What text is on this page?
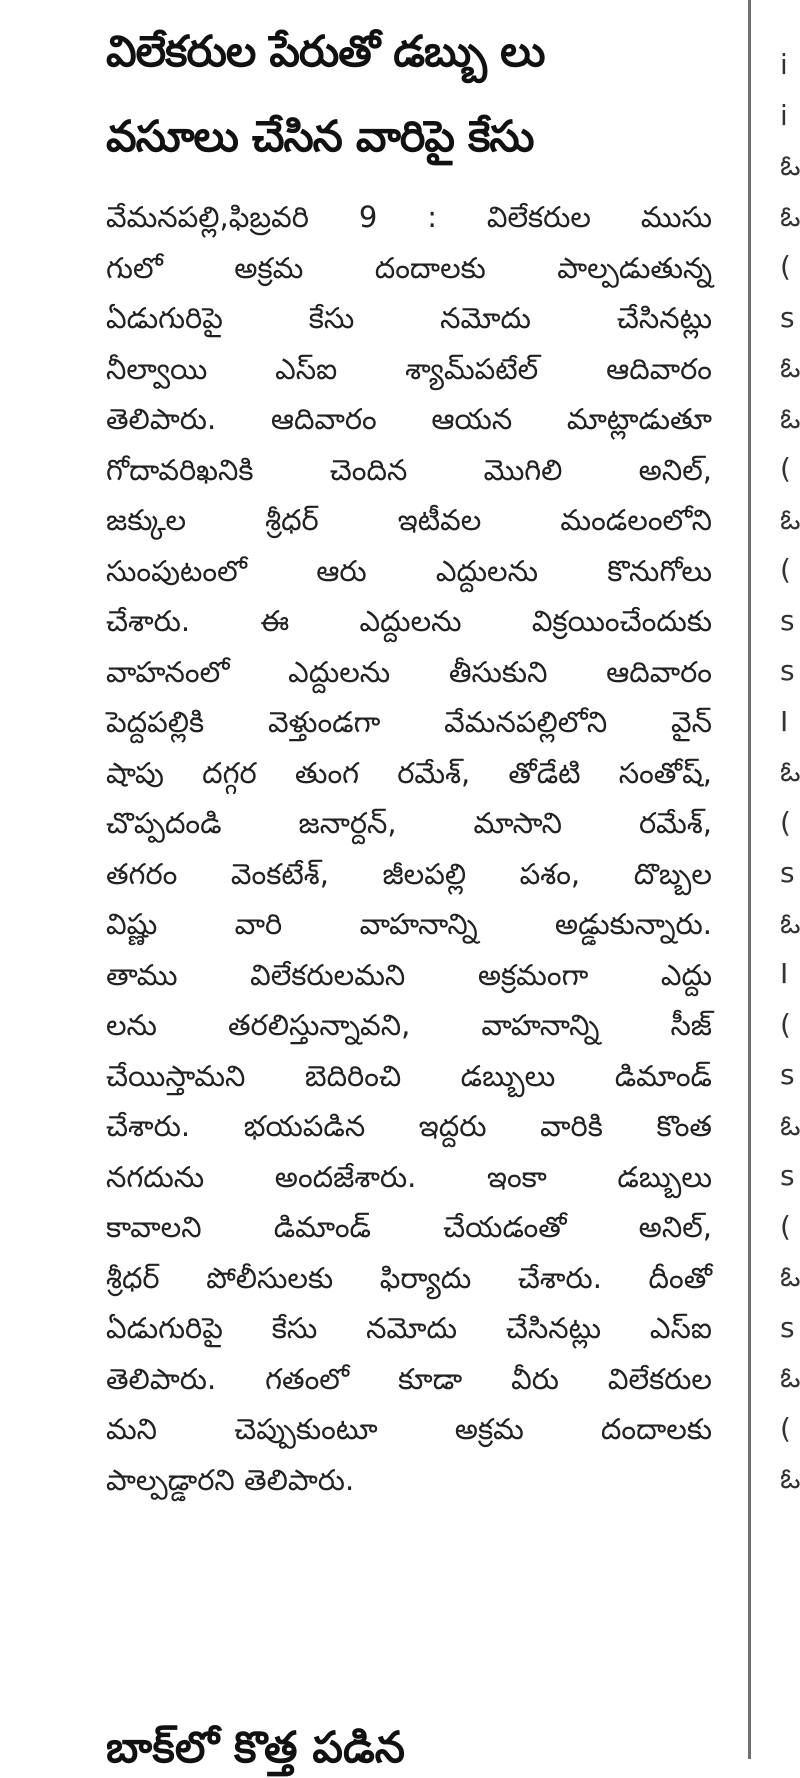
విలేకరుల పేరుతో డబ్బు లు
వసూలు చేసిన వారిపై కేసు

వేమనపల్లి,ఫిబ్రవరి 9 : విలేకరుల ముసు
గులో అక్రమ దందాలకు పాల్పడుతున్న
ఏడుగురిపై కేసు నమోదు చేసినట్లు
నీల్వాయి ఎస్‌ఐ శ్యామ్‌పటేల్ ఆదివారం
తెలిపారు. ఆదివారం ఆయన మాట్లాడుతూ
గోదావరిఖనికి చెందిన మొగిలి అనిల్,
జక్కుల శ్రీధర్ ఇటీవల మండలంలోని
సుంపుటంలో ఆరు ఎద్దులను కొనుగోలు
చేశారు. ఈ ఎద్దులను విక్రయించేందుకు
వాహనంలో ఎద్దులను తీసుకుని ఆదివారం
పెద్దపల్లికి వెళ్తుండగా వేమనపల్లిలోని వైన్
షాపు దగ్గర తుంగ రమేశ్, తోడేటి సంతోష్,
చొప్పదండి జనార్దన్, మాసాని రమేశ్,
తగరం వెంకటేశ్, జీలపల్లి పశం, దొబ్బల
విష్ణు వారి వాహనాన్ని అడ్డుకున్నారు.
తాము విలేకరులమని అక్రమంగా ఎద్దు
లను తరలిస్తున్నావని, వాహనాన్ని సీజ్
చేయిస్తామని బెదిరించి డబ్బులు డిమాండ్
చేశారు. భయపడిన ఇద్దరు వారికి కొంత
నగదును అందజేశారు. ఇంకా డబ్బులు
కావాలని డిమాండ్ చేయడంతో అనిల్,
శ్రీధర్ పోలీసులకు ఫిర్యాదు చేశారు. దీంతో
ఏడుగురిపై కేసు నమోదు చేసినట్లు ఎస్‌ఐ
తెలిపారు. గతంలో కూడా వీరు విలేకరుల
మని చెప్పుకుంటూ అక్రమ దందాలకు
పాల్పడ్డారని తెలిపారు.

బాక్‌లో కొత్త పడిన
i
i
ఓ
ఓ
(
s
ఓ
ఓ
(
ఓ
(
s
s
I
ఓ
(
s
ఓ
I
(
s
ఓ
s
(
ఓ
s
ఓ
(
ఓ
